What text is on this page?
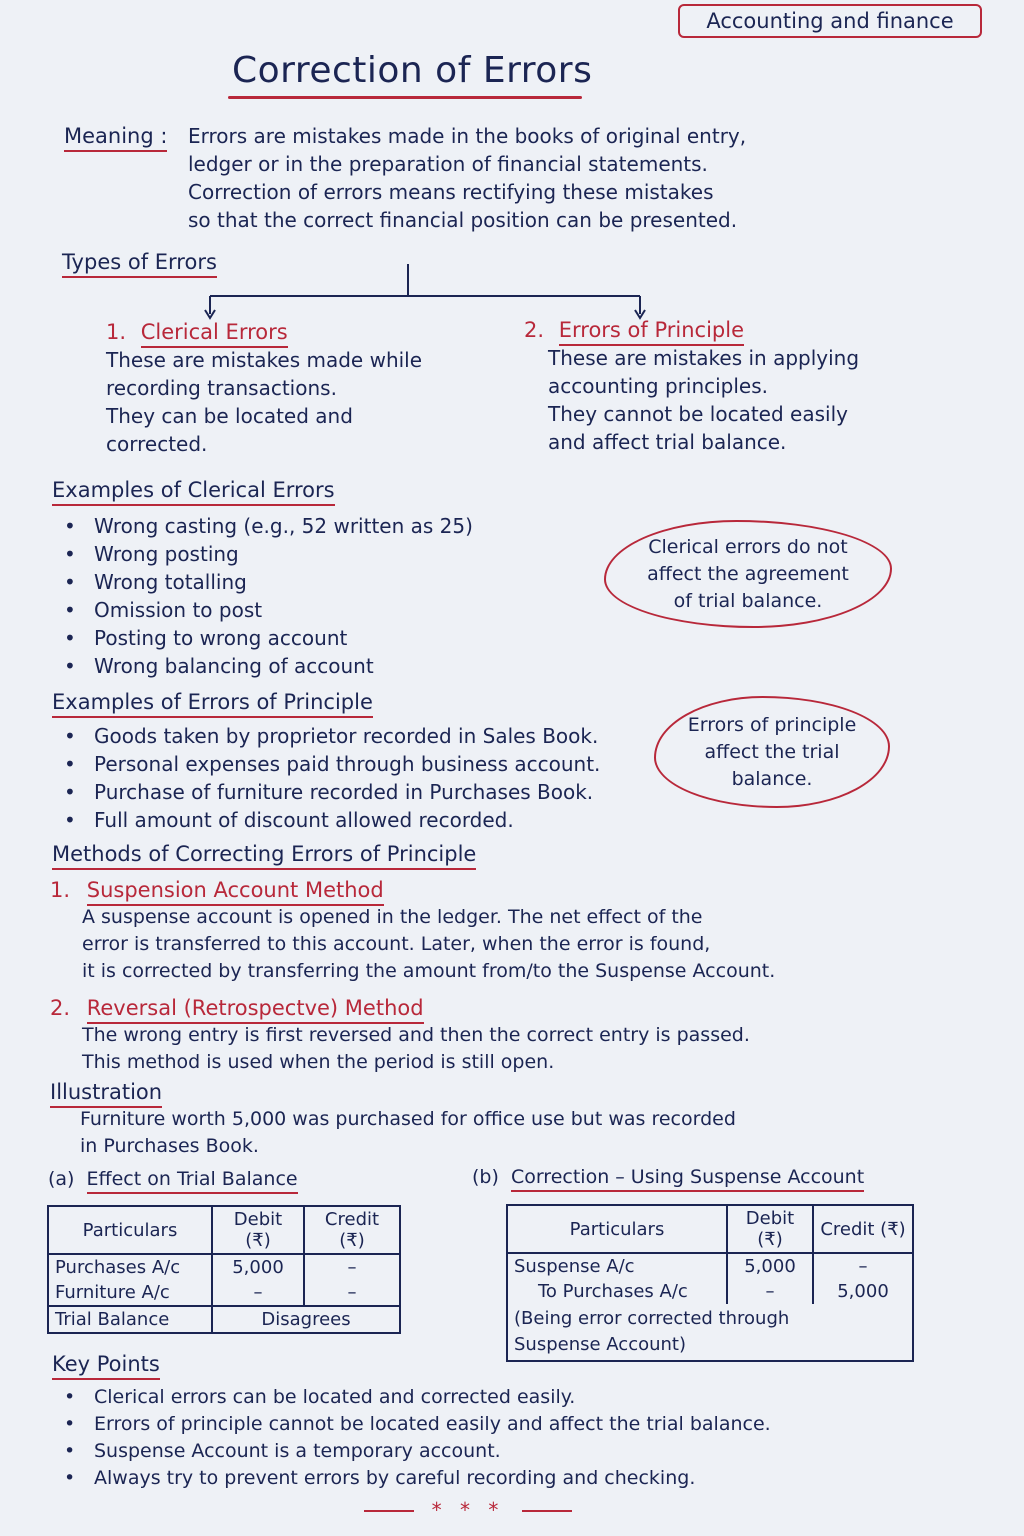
Accounting and finance
Correction of Errors
Meaning : Errors are mistakes made in the books of original entry,
ledger or in the preparation of financial statements.
Correction of errors means rectifying these mistakes
so that the correct financial position can be presented.
Types of Errors
1. Clerical Errors
These are mistakes made while
recording transactions.
They can be located and
corrected.
2. Errors of Principle
These are mistakes in applying
accounting principles.
They cannot be located easily
and affect trial balance.
Examples of Clerical Errors
• Wrong casting (e.g., 52 written as 25)
• Wrong posting
• Wrong totalling
• Omission to post
• Posting to wrong account
• Wrong balancing of account
Clerical errors do not
affect the agreement
of trial balance.
Examples of Errors of Principle
• Goods taken by proprietor recorded in Sales Book.
• Personal expenses paid through business account.
• Purchase of furniture recorded in Purchases Book.
• Full amount of discount allowed recorded.
Errors of principle
affect the trial
balance.
Methods of Correcting Errors of Principle
1. Suspension Account Method
A suspense account is opened in the ledger. The net effect of the
error is transferred to this account. Later, when the error is found,
it is corrected by transferring the amount from/to the Suspense Account.
2. Reversal (Retrospectve) Method
The wrong entry is first reversed and then the correct entry is passed.
This method is used when the period is still open.
Illustration
Furniture worth 5,000 was purchased for office use but was recorded
in Purchases Book.
(a) Effect on Trial Balance
Particulars	Debit (₹)	Credit (₹)
Purchases A/c	5,000	–
Furniture A/c	–	–
Trial Balance	Disagrees	
(b) Correction – Using Suspense Account
Particulars	Debit (₹)	Credit (₹)
Suspense A/c	5,000	–
To Purchases A/c	–	5,000

(Being error corrected through
Suspense Account)		
Key Points
• Clerical errors can be located and corrected easily.
• Errors of principle cannot be located easily and affect the trial balance.
• Suspense Account is a temporary account.
• Always try to prevent errors by careful recording and checking.
* * *
